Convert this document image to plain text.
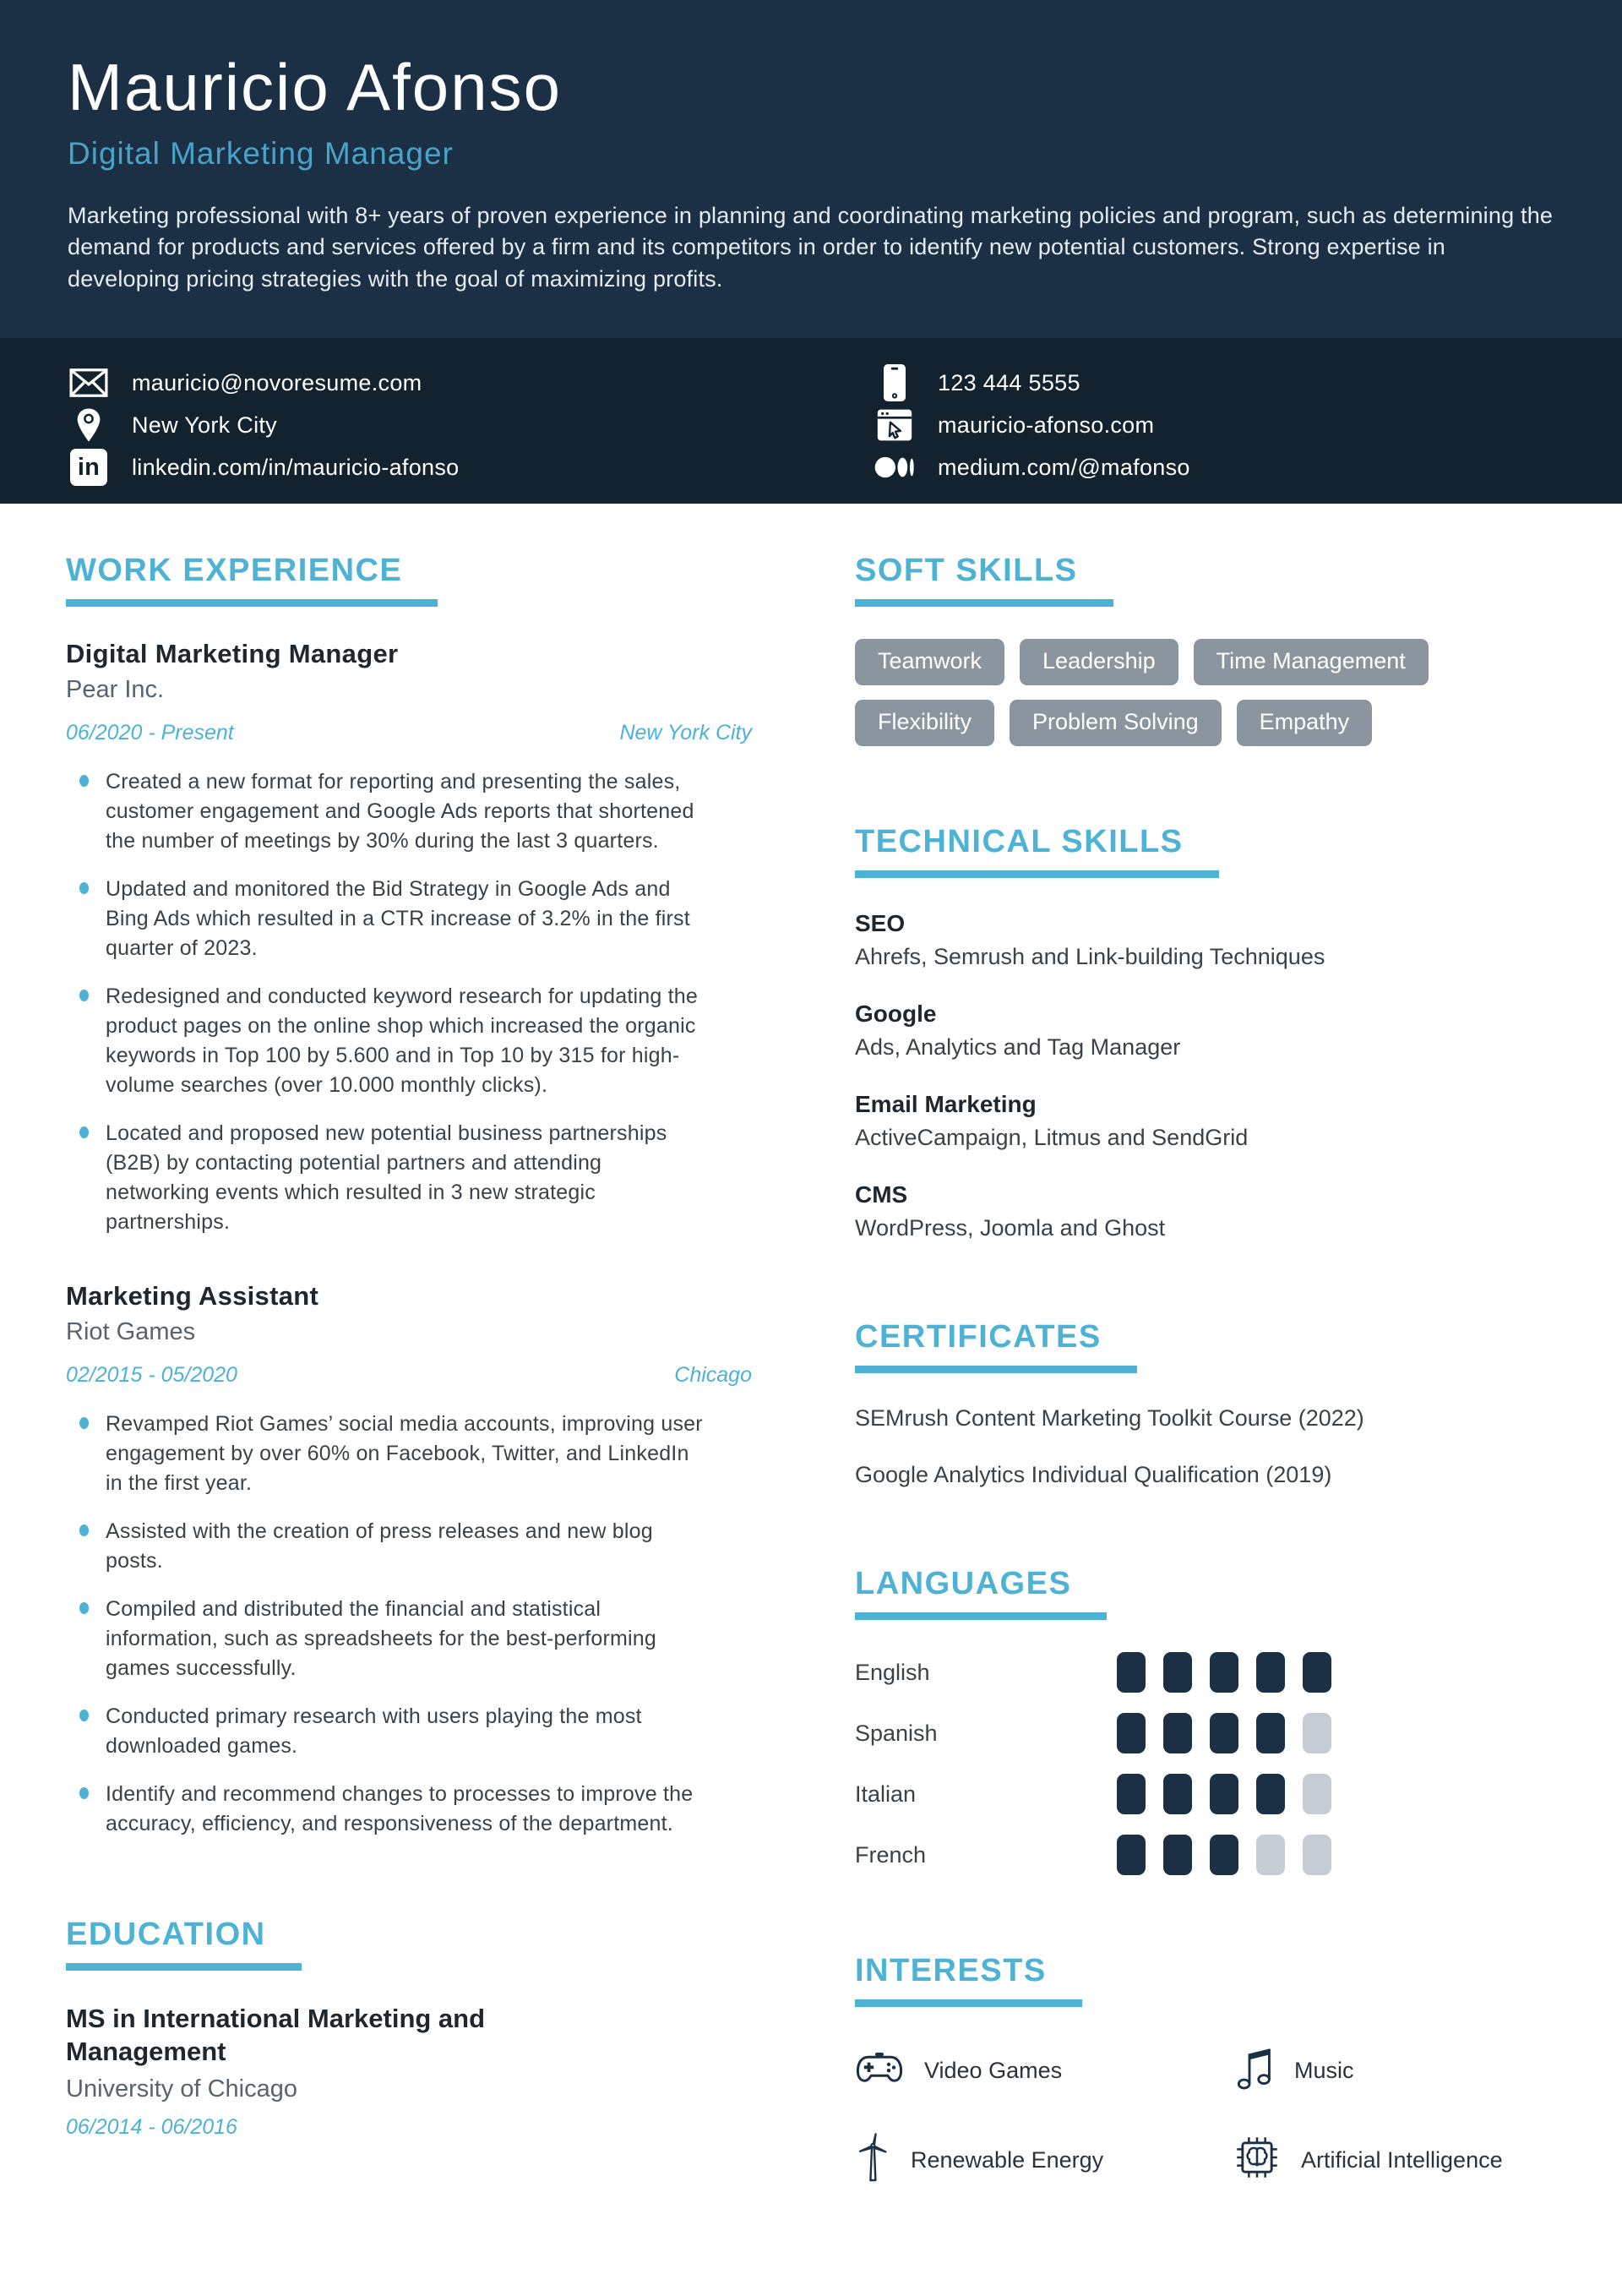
Mauricio Afonso
Digital Marketing Manager

Marketing professional with 8+ years of proven experience in planning and coordinating marketing policies and program, such as determining the demand for products and services offered by a firm and its competitors in order to identify new potential customers. Strong expertise in developing pricing strategies with the goal of maximizing profits.

mauricio@novoresume.com
New York City
in	linkedin.com/in/mauricio-afonso
123 444 5555
mauricio-afonso.com
medium.com/@mafonso
WORK EXPERIENCE
Digital Marketing Manager
Pear Inc.
06/2020 - Present	New York City
Created a new format for reporting and presenting the sales, customer engagement and Google Ads reports that shortened the number of meetings by 30% during the last 3 quarters.
Updated and monitored the Bid Strategy in Google Ads and Bing Ads which resulted in a CTR increase of 3.2% in the first quarter of 2023.
Redesigned and conducted keyword research for updating the product pages on the online shop which increased the organic keywords in Top 100 by 5.600 and in Top 10 by 315 for high-volume searches (over 10.000 monthly clicks).
Located and proposed new potential business partnerships (B2B) by contacting potential partners and attending networking events which resulted in 3 new strategic partnerships.
Marketing Assistant
Riot Games
02/2015 - 05/2020	Chicago
Revamped Riot Games’ social media accounts, improving user engagement by over 60% on Facebook, Twitter, and LinkedIn in the first year.
Assisted with the creation of press releases and new blog posts.
Compiled and distributed the financial and statistical information, such as spreadsheets for the best-performing games successfully.
Conducted primary research with users playing the most downloaded games.
Identify and recommend changes to processes to improve the accuracy, efficiency, and responsiveness of the department.
EDUCATION
MS in International Marketing and Management
University of Chicago
06/2014 - 06/2016
SOFT SKILLS
Teamwork	Leadership	Time Management
Flexibility	Problem Solving	Empathy
TECHNICAL SKILLS
SEO
Ahrefs, Semrush and Link-building Techniques
Google
Ads, Analytics and Tag Manager
Email Marketing
ActiveCampaign, Litmus and SendGrid
CMS
WordPress, Joomla and Ghost
CERTIFICATES
SEMrush Content Marketing Toolkit Course (2022)
Google Analytics Individual Qualification (2019)
LANGUAGES
English
Spanish
Italian
French
INTERESTS
Video Games	Music
Renewable Energy	Artificial Intelligence
